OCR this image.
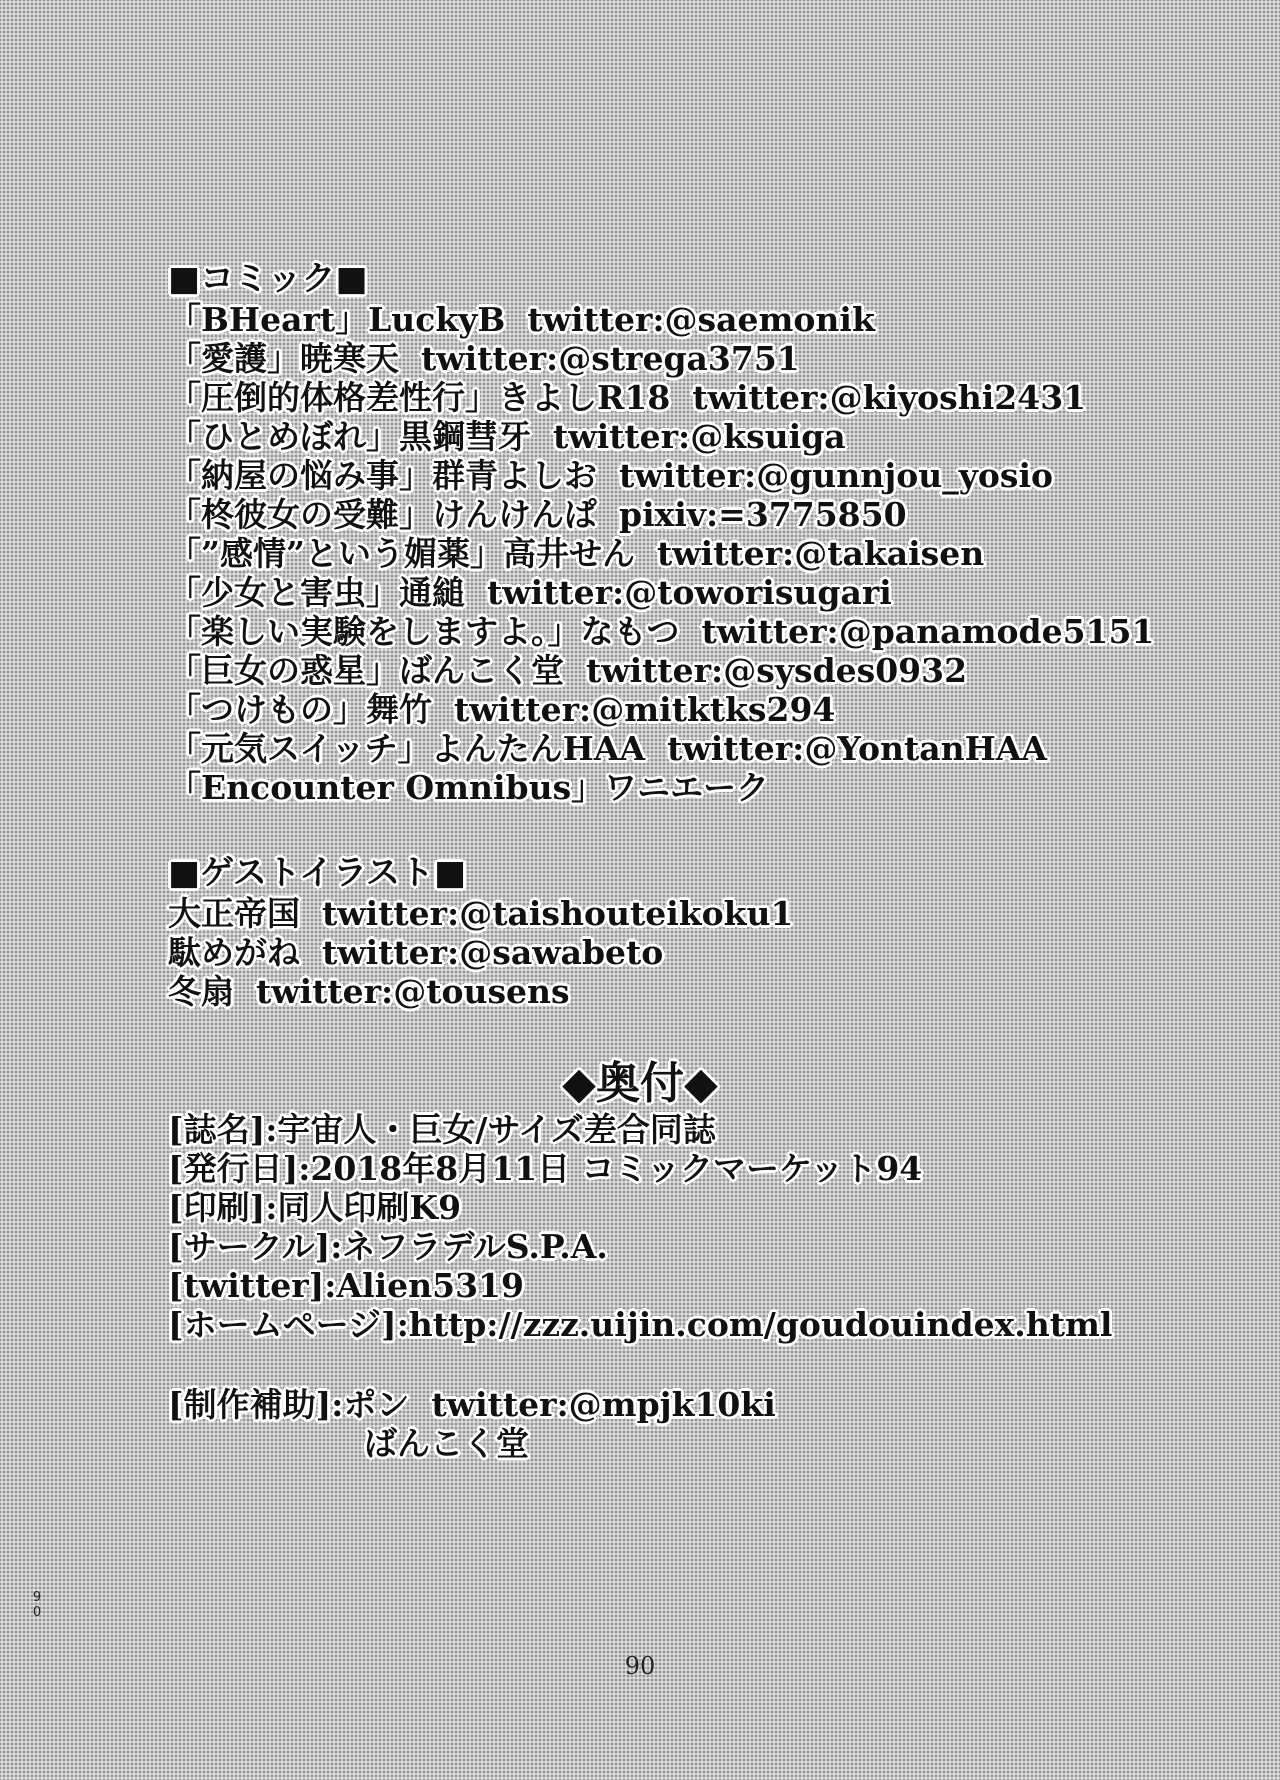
■コミック■
「BHeart」LuckyB twitter:@saemonik
「愛護」暁寒天 twitter:@strega3751
「圧倒的体格差性行」きよしR18 twitter:@kiyoshi2431
「ひとめぼれ」黒鋼彗牙 twitter:@ksuiga
「納屋の悩み事」群青よしお twitter:@gunnjou_yosio
「柊彼女の受難」けんけんぱ pixiv:=3775850
「”感情”という媚薬」高井せん twitter:@takaisen
「少女と害虫」通縋 twitter:@toworisugari
「楽しい実験をしますよ。」なもつ twitter:@panamode5151
「巨女の惑星」ばんこく堂 twitter:@sysdes0932
「つけもの」舞竹 twitter:@mitktks294
「元気スイッチ」よんたんHAA twitter:@YontanHAA
「Encounter Omnibus」ワニエーク
■ゲストイラスト■
大正帝国 twitter:@taishouteikoku1
駄めがね twitter:@sawabeto
冬扇 twitter:@tousens
◆奥付◆
[誌名]:宇宙人・巨女/サイズ差合同誌
[発行日]:2018年8月11日 コミックマーケット94
[印刷]:同人印刷K9
[サークル]:ネフラデルS.P.A.
[twitter]:Alien5319
[ホームページ]:http://zzz.uijin.com/goudouindex.html
[制作補助]:ポン twitter:@mpjk10ki
ばんこく堂
90
90
